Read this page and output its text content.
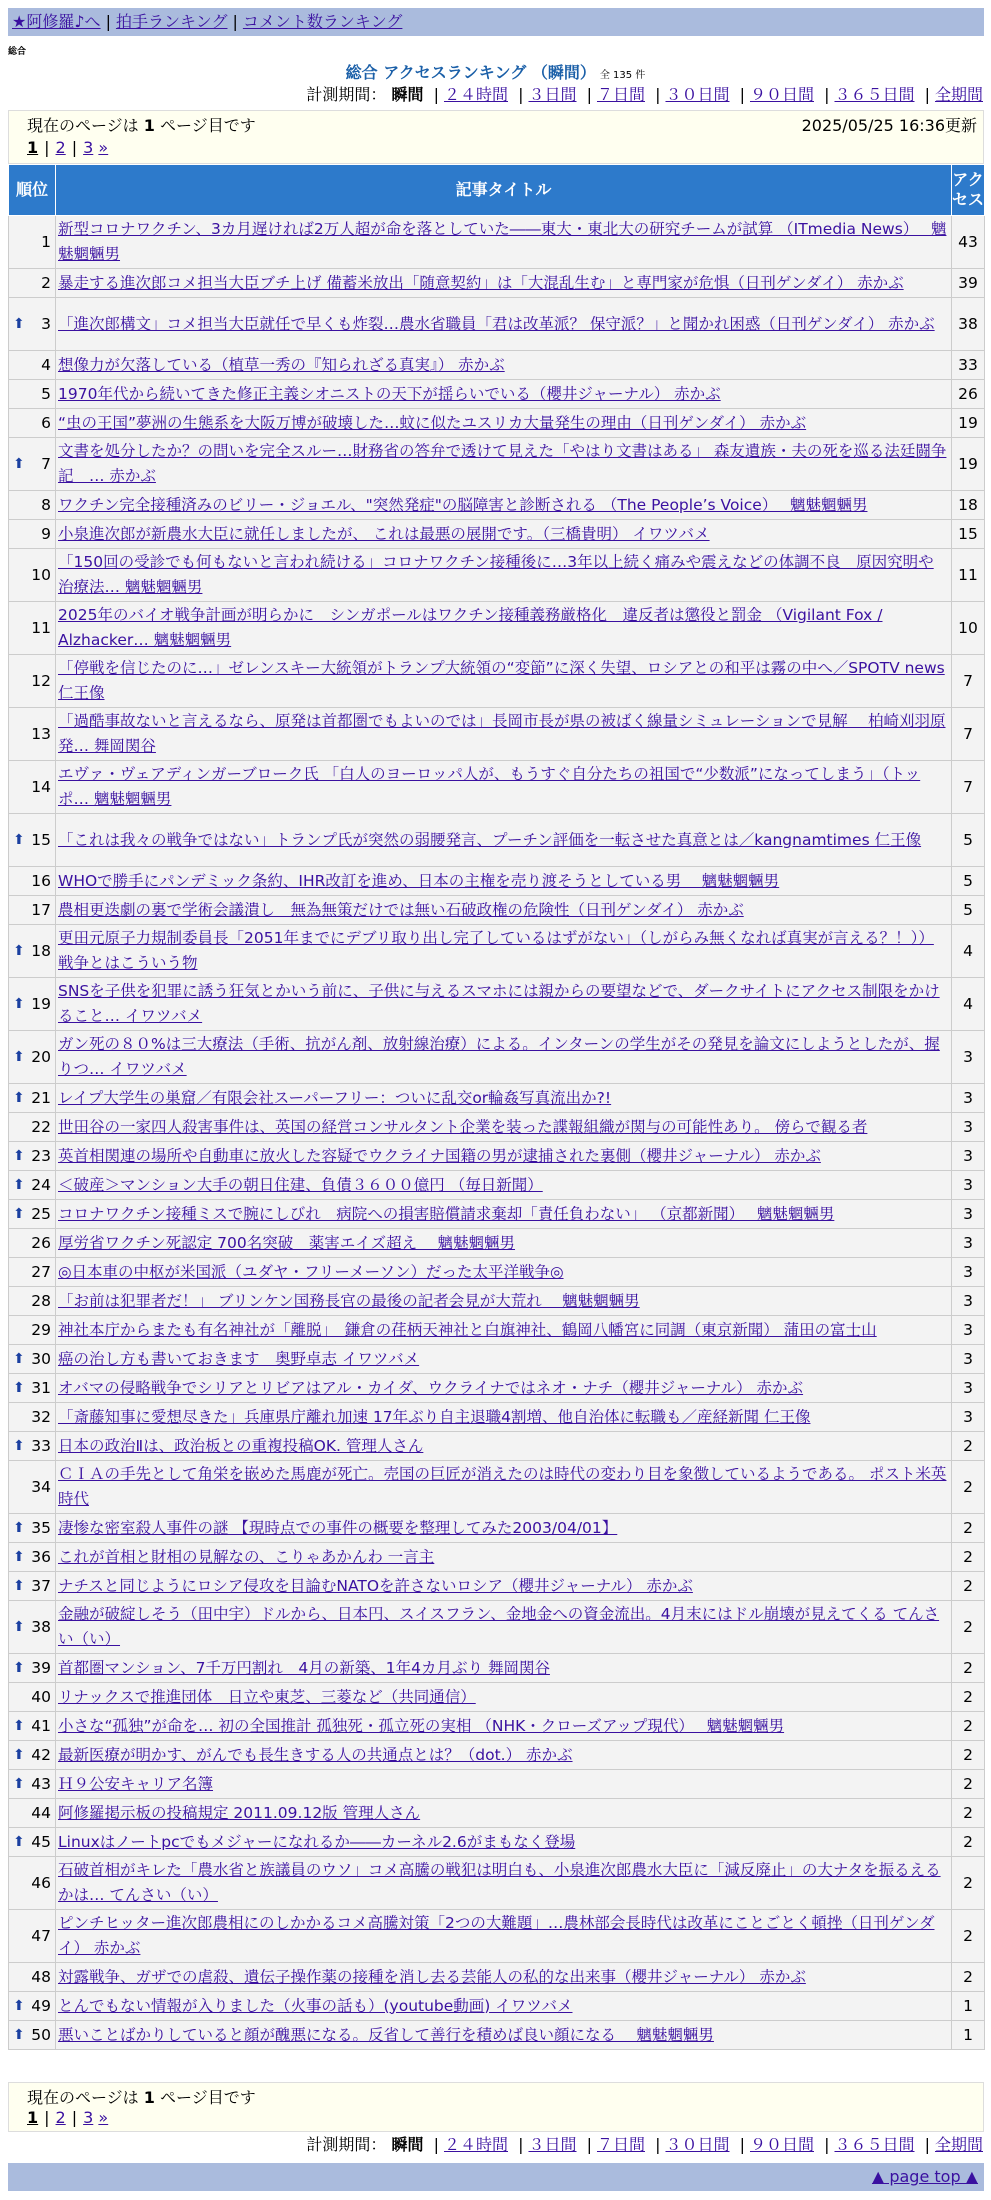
★阿修羅♪へ | 拍手ランキング | コメント数ランキング
総合
総合 アクセスランキング （瞬間） 全 135 件
計測期間： 瞬間 | ２４時間 | ３日間 | ７日間 | ３０日間 | ９０日間 | ３６５日間 | 全期間
現在のページは 1 ページ目です	2025/05/25 16:36更新
1 | 2 | 3 »
順位	記事タイトル	アクセス
1	新型コロナワクチン、3カ月遅ければ2万人超が命を落としていた――東大・東北大の研究チームが試算 （ITmedia News）　 魑魅魍魎男	43
2	暴走する進次郎コメ担当大臣ブチ上げ 備蓄米放出「随意契約」は「大混乱生む」と専門家が危惧（日刊ゲンダイ） 赤かぶ	39

⬆ 3	「進次郎構文」コメ担当大臣就任で早くも炸裂…農水省職員「君は改革派？ 保守派？」と聞かれ困惑（日刊ゲンダイ） 赤かぶ	38
4	想像力が欠落している（植草一秀の『知られざる真実』） 赤かぶ	33
5	1970年代から続いてきた修正主義シオニストの天下が揺らいでいる（櫻井ジャーナル） 赤かぶ	26
6	“虫の王国”夢洲の生態系を大阪万博が破壊した…蚊に似たユスリカ大量発生の理由（日刊ゲンダイ） 赤かぶ	19

⬆ 7	文書を処分したか？の問いを完全スルー…財務省の答弁で透けて見えた「やはり文書はある」 森友遺族・夫の死を巡る法廷闘争記　… 赤かぶ	19
8	ワクチン完全接種済みのビリー・ジョエル、"突然発症"の脳障害と診断される （The People’s Voice）　 魑魅魍魎男	18
9	小泉進次郎が新農水大臣に就任しましたが、 これは最悪の展開です。（三橋貴明） イワツバメ	15
10	「150回の受診でも何もないと言われ続ける」コロナワクチン接種後に…3年以上続く痛みや震えなどの体調不良　原因究明や治療法… 魑魅魍魎男	11
11	2025年のバイオ戦争計画が明らかに　シンガポールはワクチン接種義務厳格化　違反者は懲役と罰金 （Vigilant Fox / Alzhacker… 魑魅魍魎男	10
12	「停戦を信じたのに…」ゼレンスキー大統領がトランプ大統領の“変節”に深く失望、ロシアとの和平は霧の中へ／SPOTV news 仁王像	7
13	「過酷事故ないと言えるなら、原発は首都圏でもよいのでは」長岡市長が県の被ばく線量シミュレーションで見解　 柏崎刈羽原発… 舞岡関谷	7
14	エヴァ・ヴェアディンガーブローク氏 「白人のヨーロッパ人が、もうすぐ自分たちの祖国で“少数派”になってしまう」（トッポ… 魑魅魍魎男	7

⬆ 15	「これは我々の戦争ではない」トランプ氏が突然の弱腰発言、プーチン評価を一転させた真意とは／kangnamtimes 仁王像	5
16	WHOで勝手にパンデミック条約、IHR改訂を進め、日本の主権を売り渡そうとしている男　 魑魅魍魎男	5
17	農相更迭劇の裏で学術会議潰し　無為無策だけでは無い石破政権の危険性（日刊ゲンダイ） 赤かぶ	5

⬆ 18	更田元原子力規制委員長「2051年までにデブリ取り出し完了しているはずがない」（しがらみ無くなれば真実が言える？！）） 戦争とはこういう物	4

⬆ 19	SNSを子供を犯罪に誘う狂気とかいう前に、子供に与えるスマホには親からの要望などで、ダークサイトにアクセス制限をかけること… イワツバメ	4

⬆ 20	ガン死の８０%は三大療法（手術、抗がん剤、放射線治療）による。インターンの学生がその発見を論文にしようとしたが、握りつ… イワツバメ	3

⬆ 21	レイプ大学生の巣窟／有限会社スーパーフリー：ついに乱交or輪姦写真流出か?!	3
22	世田谷の一家四人殺害事件は、英国の経営コンサルタント企業を装った諜報組織が関与の可能性あり。 傍らで観る者	3

⬆ 23	英首相関連の場所や自動車に放火した容疑でウクライナ国籍の男が逮捕された裏側（櫻井ジャーナル） 赤かぶ	3

⬆ 24	＜破産＞マンション大手の朝日住建、負債３６００億円 （毎日新聞）	3

⬆ 25	コロナワクチン接種ミスで腕にしびれ　病院への損害賠償請求棄却「責任負わない」 （京都新聞）　 魑魅魍魎男	3
26	厚労省ワクチン死認定 700名突破　薬害エイズ超え　 魑魅魍魎男	3
27	◎日本車の中枢が米国派（ユダヤ・フリーメーソン）だった太平洋戦争◎	3
28	「お前は犯罪者だ！」 ブリンケン国務長官の最後の記者会見が大荒れ　 魑魅魍魎男	3
29	神社本庁からまたも有名神社が「離脱」　鎌倉の荏柄天神社と白旗神社、鶴岡八幡宮に同調（東京新聞） 蒲田の富士山	3

⬆ 30	癌の治し方も書いておきます　奥野卓志 イワツバメ	3

⬆ 31	オバマの侵略戦争でシリアとリビアはアル・カイダ、ウクライナではネオ・ナチ（櫻井ジャーナル） 赤かぶ	3
32	「斎藤知事に愛想尽きた」兵庫県庁離れ加速 17年ぶり自主退職4割増、他自治体に転職も／産経新聞 仁王像	3

⬆ 33	日本の政治Ⅱは、政治板との重複投稿OK. 管理人さん	2
34	ＣＩＡの手先として角栄を嵌めた馬鹿が死亡。売国の巨匠が消えたのは時代の変わり目を象徴しているようである。 ポスト米英時代	2

⬆ 35	凄惨な密室殺人事件の謎 【現時点での事件の概要を整理してみた2003/04/01】	2

⬆ 36	これが首相と財相の見解なの、こりゃあかんわ 一言主	2

⬆ 37	ナチスと同じようにロシア侵攻を目論むNATOを許さないロシア（櫻井ジャーナル） 赤かぶ	2

⬆ 38	金融が破綻しそう（田中宇）ドルから、日本円、スイスフラン、金地金への資金流出。4月末にはドル崩壊が見えてくる てんさい（い）	2

⬆ 39	首都圏マンション、7千万円割れ　4月の新築、1年4カ月ぶり 舞岡関谷	2
40	リナックスで推進団体　日立や東芝、三菱など（共同通信）	2

⬆ 41	小さな“孤独”が命を… 初の全国推計 孤独死・孤立死の実相 （NHK・クローズアップ現代）　 魑魅魍魎男	2

⬆ 42	最新医療が明かす、がんでも長生きする人の共通点とは？（dot.） 赤かぶ	2

⬆ 43	Ｈ９公安キャリア名簿	2
44	阿修羅掲示板の投稿規定 2011.09.12版 管理人さん	2

⬆ 45	Linuxはノートpcでもメジャーになれるか――カーネル2.6がまもなく登場	2
46	石破首相がキレた「農水省と族議員のウソ」コメ高騰の戦犯は明白も、小泉進次郎農水大臣に「減反廃止」の大ナタを振るえるかは… てんさい（い）	2
47	ピンチヒッター進次郎農相にのしかかるコメ高騰対策「2つの大難題」…農林部会長時代は改革にことごとく頓挫（日刊ゲンダイ） 赤かぶ	2
48	対露戦争、ガザでの虐殺、遺伝子操作薬の接種を消し去る芸能人の私的な出来事（櫻井ジャーナル） 赤かぶ	2

⬆ 49	とんでもない情報が入りました（火事の話も）(youtube動画) イワツバメ	1

⬆ 50	悪いことばかりしていると顔が醜悪になる。反省して善行を積めば良い顔になる　 魑魅魍魎男	1
現在のページは 1 ページ目です
1 | 2 | 3 »
計測期間： 瞬間 | ２４時間 | ３日間 | ７日間 | ３０日間 | ９０日間 | ３６５日間 | 全期間
▲ page top ▲
